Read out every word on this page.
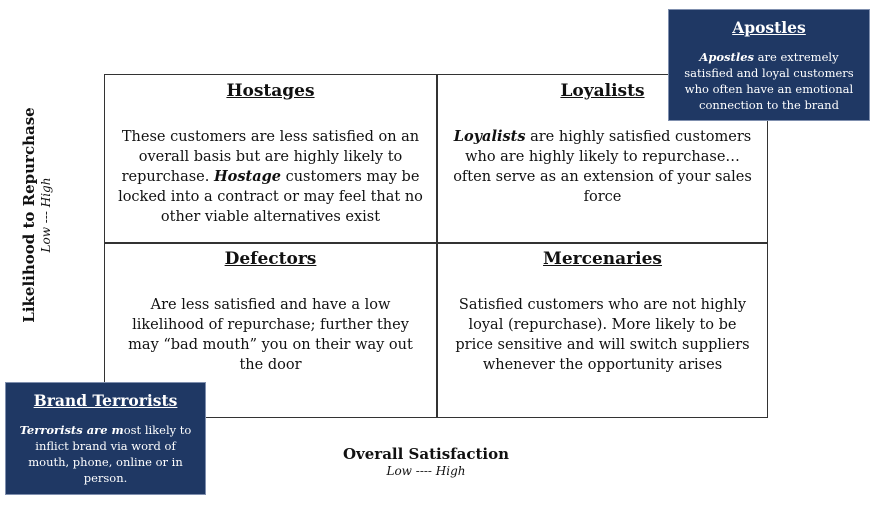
Hostages
These customers are less satisfied on an overall basis but are highly likely to repurchase. Hostage customers may be locked into a contract or may feel that no other viable alternatives exist
Loyalists
Loyalists are highly satisfied customers who are highly likely to repurchase…often serve as an extension of your sales force
Defectors
Are less satisfied and have a low likelihood of repurchase; further they may “bad mouth” you on their way out the door
Mercenaries
Satisfied customers who are not highly loyal (repurchase). More likely to be price sensitive and will switch suppliers whenever the opportunity arises
Apostles
Apostles are extremely satisfied and loyal customers who often have an emotional connection to the brand
Brand Terrorists
Terrorists are most likely to inflict brand via word of mouth, phone, online or in person.
Likelihood to Repurchase Low --- High
Overall Satisfaction
Low ---- High
